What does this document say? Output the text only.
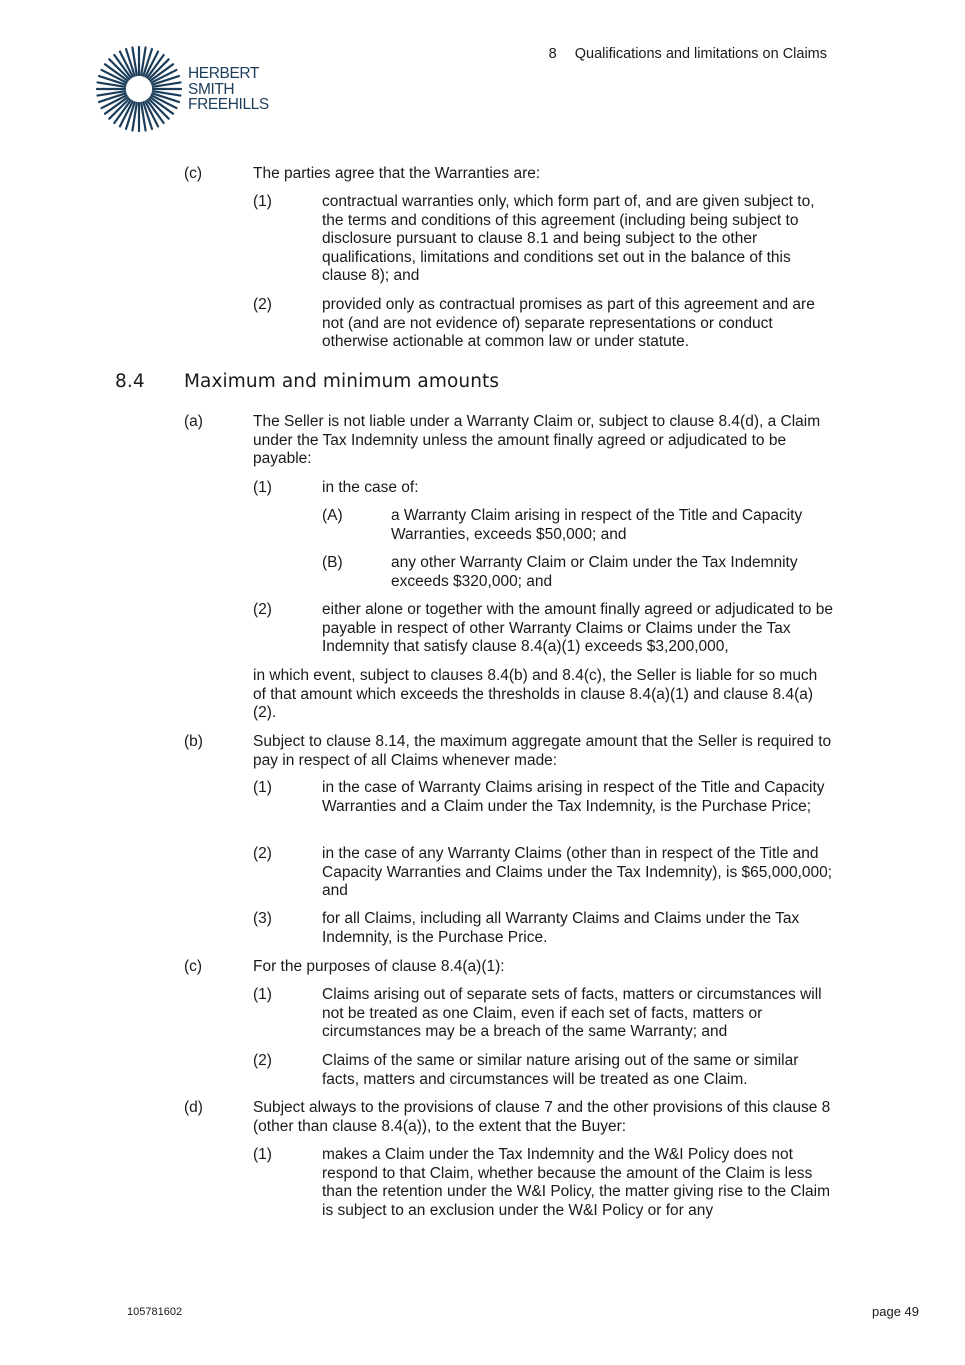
HERBERT
SMITH
FREEHILLS
8 Qualifications and limitations on Claims
(c)	The parties agree that the Warranties are:
(1)	contractual warranties only, which form part of, and are given subject to, the terms and conditions of this agreement (including being subject to disclosure pursuant to clause 8.1 and being subject to the other qualifications, limitations and conditions set out in the balance of this clause 8); and
(2)	provided only as contractual promises as part of this agreement and are not (and are not evidence of) separate representations or conduct otherwise actionable at common law or under statute.
8.4 Maximum and minimum amounts
(a)	The Seller is not liable under a Warranty Claim or, subject to clause 8.4(d), a Claim under the Tax Indemnity unless the amount finally agreed or adjudicated to be payable:
(1)	in the case of:
(A)	a Warranty Claim arising in respect of the Title and Capacity Warranties, exceeds $50,000; and
(B)	any other Warranty Claim or Claim under the Tax Indemnity exceeds $320,000; and
(2)	either alone or together with the amount finally agreed or adjudicated to be payable in respect of other Warranty Claims or Claims under the Tax Indemnity that satisfy clause 8.4(a)(1) exceeds $3,200,000,
in which event, subject to clauses 8.4(b) and 8.4(c), the Seller is liable for so much of that amount which exceeds the thresholds in clause 8.4(a)(1) and clause 8.4(a)(2).
(b)	Subject to clause 8.14, the maximum aggregate amount that the Seller is required to pay in respect of all Claims whenever made:
(1)	in the case of Warranty Claims arising in respect of the Title and Capacity Warranties and a Claim under the Tax Indemnity, is the Purchase Price;
(2)	in the case of any Warranty Claims (other than in respect of the Title and Capacity Warranties and Claims under the Tax Indemnity), is $65,000,000; and
(3)	for all Claims, including all Warranty Claims and Claims under the Tax Indemnity, is the Purchase Price.
(c)	For the purposes of clause 8.4(a)(1):
(1)	Claims arising out of separate sets of facts, matters or circumstances will not be treated as one Claim, even if each set of facts, matters or circumstances may be a breach of the same Warranty; and
(2)	Claims of the same or similar nature arising out of the same or similar facts, matters and circumstances will be treated as one Claim.
(d)	Subject always to the provisions of clause 7 and the other provisions of this clause 8 (other than clause 8.4(a)), to the extent that the Buyer:
(1)	makes a Claim under the Tax Indemnity and the W&I Policy does not respond to that Claim, whether because the amount of the Claim is less than the retention under the W&I Policy, the matter giving rise to the Claim is subject to an exclusion under the W&I Policy or for any
105781602	page 49
